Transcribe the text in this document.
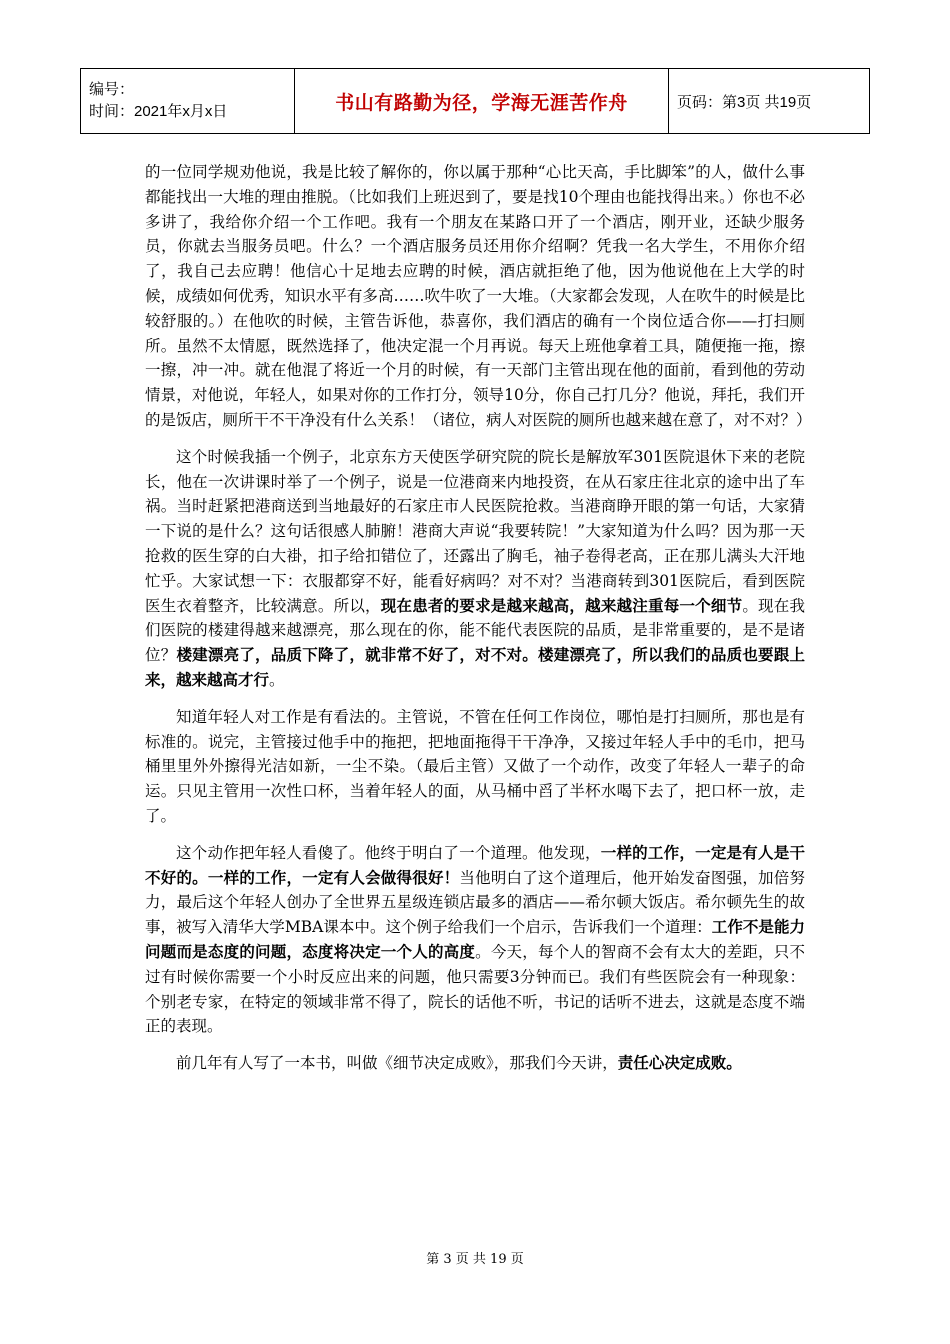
编号：
时间：2021年x月x日	书山有路勤为径，学海无涯苦作舟	页码：第3页 共19页

的一位同学规劝他说，我是比较了解你的，你以属于那种“心比天高，手比脚笨”的人，做什么事都能找出一大堆的理由推脱。（比如我们上班迟到了，要是找10个理由也能找得出来。）你也不必多讲了，我给你介绍一个工作吧。我有一个朋友在某路口开了一个酒店，刚开业，还缺少服务员，你就去当服务员吧。什么？一个酒店服务员还用你介绍啊？凭我一名大学生，不用你介绍了，我自己去应聘！他信心十足地去应聘的时候，酒店就拒绝了他，因为他说他在上大学的时候，成绩如何优秀，知识水平有多高……吹牛吹了一大堆。（大家都会发现，人在吹牛的时候是比较舒服的。）在他吹的时候，主管告诉他，恭喜你，我们酒店的确有一个岗位适合你——打扫厕所。虽然不太情愿，既然选择了，他决定混一个月再说。每天上班他拿着工具，随便拖一拖，擦一擦，冲一冲。就在他混了将近一个月的时候，有一天部门主管出现在他的面前，看到他的劳动情景，对他说，年轻人，如果对你的工作打分，领导10分，你自己打几分？他说，拜托，我们开的是饭店，厕所干不干净没有什么关系！（诸位，病人对医院的厕所也越来越在意了，对不对？）

这个时候我插一个例子，北京东方天使医学研究院的院长是解放军301医院退休下来的老院长，他在一次讲课时举了一个例子，说是一位港商来内地投资，在从石家庄往北京的途中出了车祸。当时赶紧把港商送到当地最好的石家庄市人民医院抢救。当港商睁开眼的第一句话，大家猜一下说的是什么？这句话很感人肺腑！港商大声说“我要转院！”大家知道为什么吗？因为那一天抢救的医生穿的白大褂，扣子给扣错位了，还露出了胸毛，袖子卷得老高，正在那儿满头大汗地忙乎。大家试想一下：衣服都穿不好，能看好病吗？对不对？当港商转到301医院后，看到医院医生衣着整齐，比较满意。所以，现在患者的要求是越来越高，越来越注重每一个细节。现在我们医院的楼建得越来越漂亮，那么现在的你，能不能代表医院的品质，是非常重要的，是不是诸位？楼建漂亮了，品质下降了，就非常不好了，对不对。楼建漂亮了，所以我们的品质也要跟上来，越来越高才行。

知道年轻人对工作是有看法的。主管说，不管在任何工作岗位，哪怕是打扫厕所，那也是有标准的。说完，主管接过他手中的拖把，把地面拖得干干净净，又接过年轻人手中的毛巾，把马桶里里外外擦得光洁如新，一尘不染。（最后主管）又做了一个动作，改变了年轻人一辈子的命运。只见主管用一次性口杯，当着年轻人的面，从马桶中舀了半杯水喝下去了，把口杯一放，走了。

这个动作把年轻人看傻了。他终于明白了一个道理。他发现，一样的工作，一定是有人是干不好的。一样的工作，一定有人会做得很好！当他明白了这个道理后，他开始发奋图强，加倍努力，最后这个年轻人创办了全世界五星级连锁店最多的酒店——希尔顿大饭店。希尔顿先生的故事，被写入清华大学MBA课本中。这个例子给我们一个启示，告诉我们一个道理：工作不是能力问题而是态度的问题，态度将决定一个人的高度。今天，每个人的智商不会有太大的差距，只不过有时候你需要一个小时反应出来的问题，他只需要3分钟而已。我们有些医院会有一种现象：个别老专家，在特定的领域非常不得了，院长的话他不听，书记的话听不进去，这就是态度不端正的表现。

前几年有人写了一本书，叫做《细节决定成败》，那我们今天讲，责任心决定成败。

第 3 页 共 19 页
